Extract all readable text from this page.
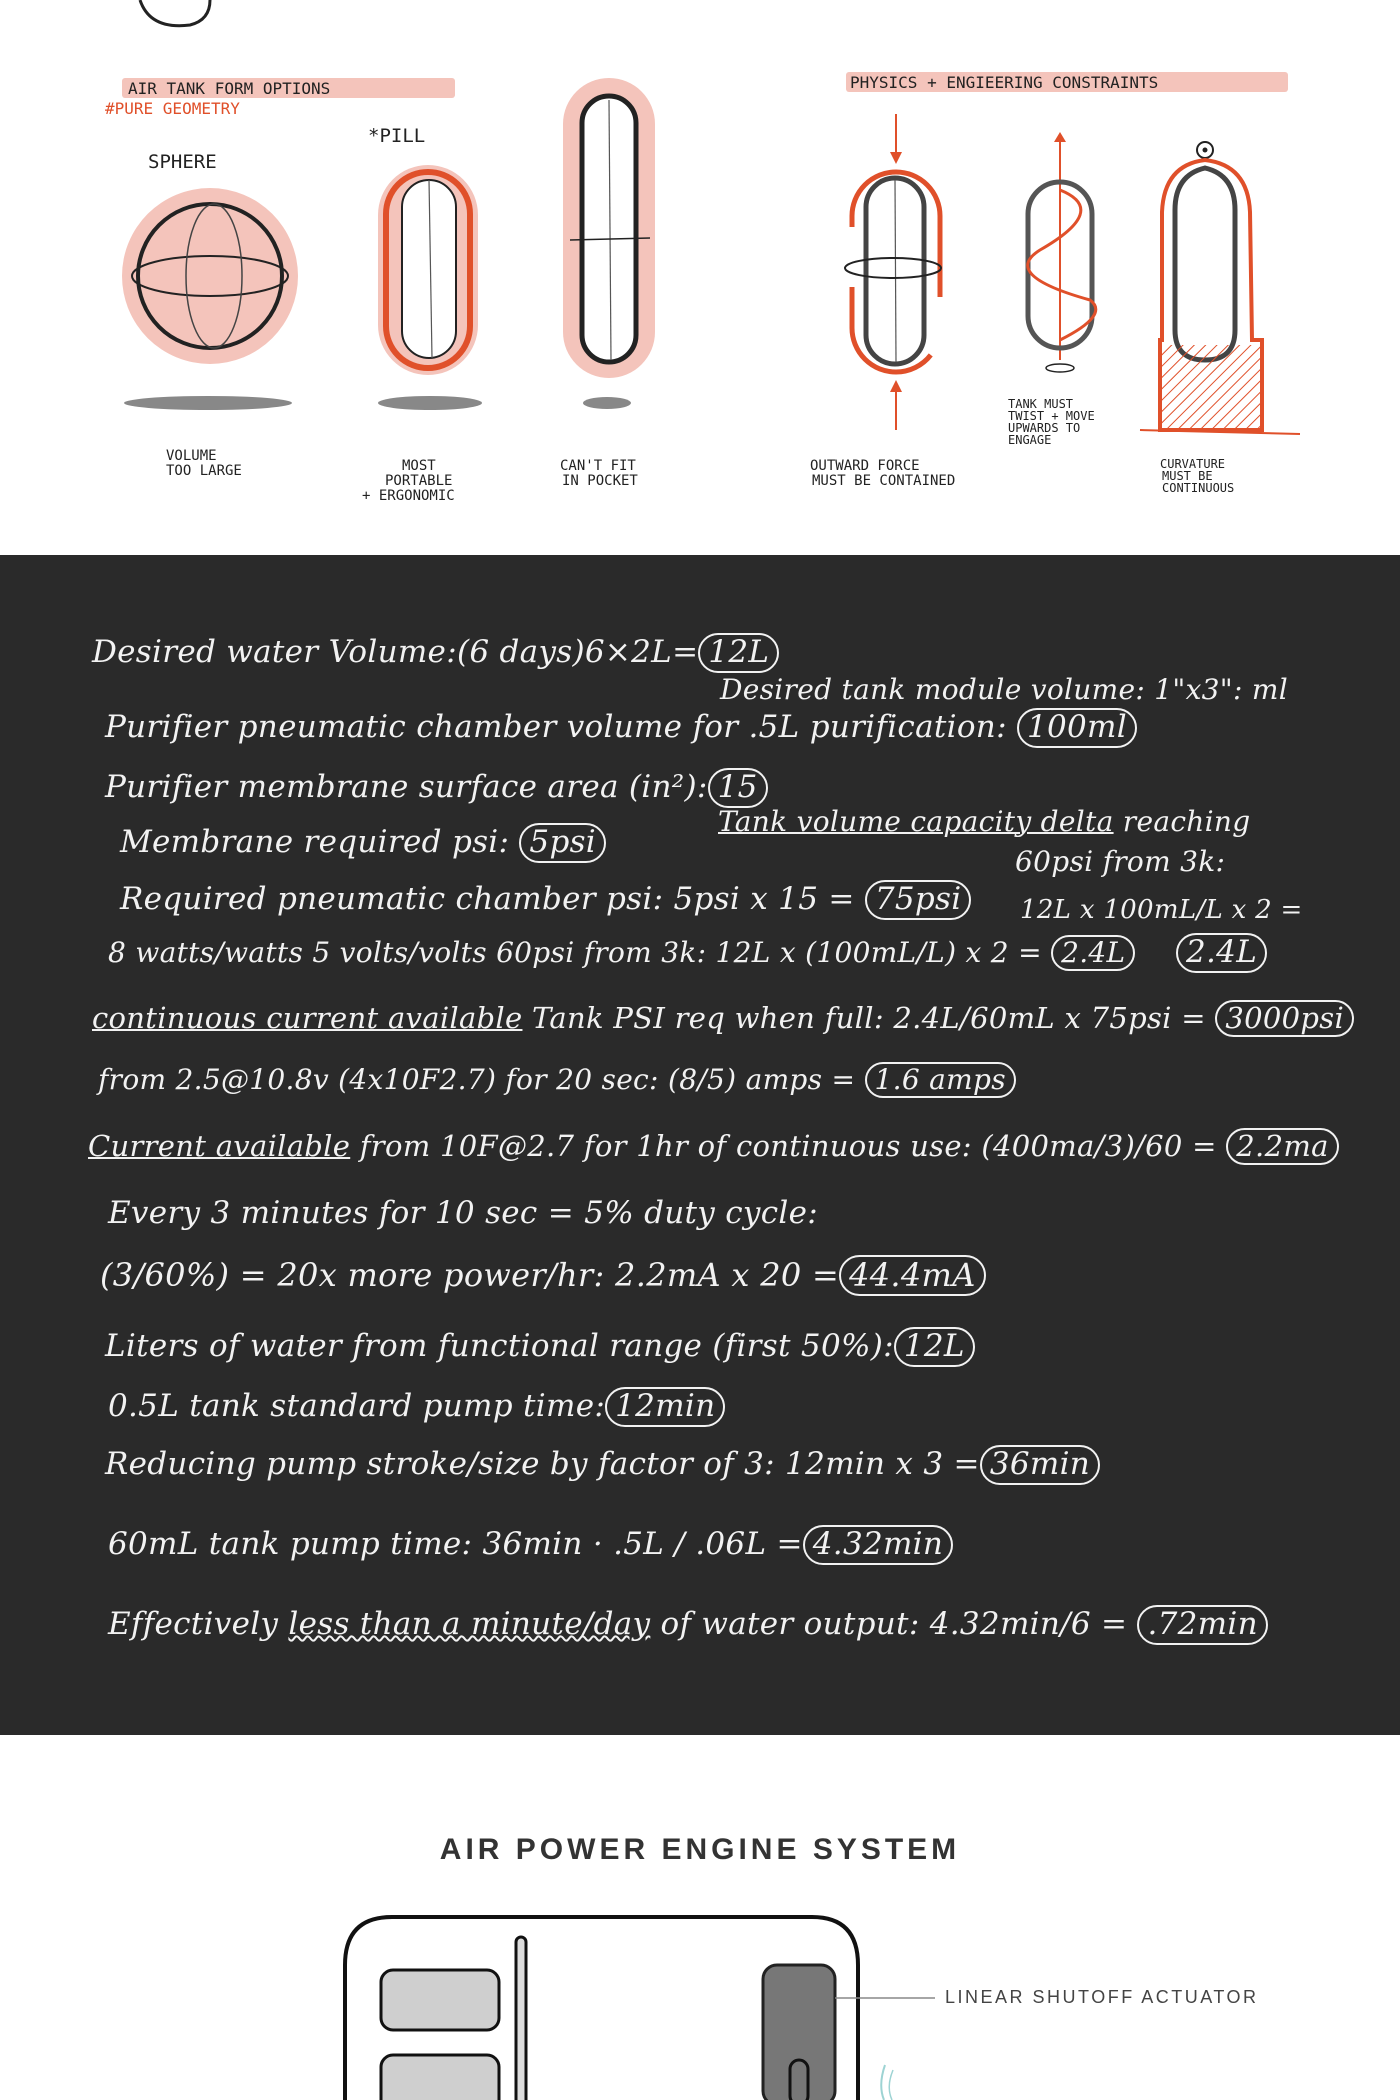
AIR TANK FORM OPTIONS
#PURE GEOMETRY
SPHERE
*PILL
VOLUME TOO LARGE	MOST PORTABLE + ERGONOMIC
CAN'T FIT IN POCKET
PHYSICS + ENGIEERING CONSTRAINTS
TANK MUST TWIST + MOVE UPWARDS TO ENGAGE
OUTWARD FORCE MUST BE CONTAINED
CURVATURE MUST BE CONTINUOUS
Desired water Volume:(6 days)6×2L= 12L
Desired tank module volume: 1"x3": ml
Purifier pneumatic chamber volume for .5L purification: 100ml
Purifier membrane surface area (in²): 15
Tank volume capacity delta reaching
Membrane required psi: 5psi
60psi from 3k:
Required pneumatic chamber psi: 5psi x 15 = 75psi	12L x 100mL/L x 2 =
8 watts/watts 5 volts/volts 60psi from 3k: 12L x (100mL/L) x 2 = 2.4L	2.4L
continuous current available Tank PSI req when full: 2.4L/60mL x 75psi = 3000psi
from 2.5@10.8v (4x10F2.7) for 20 sec: (8/5) amps = 1.6 amps
Current available from 10F@2.7 for 1hr of continuous use: (400ma/3)/60 = 2.2ma
Every 3 minutes for 10 sec = 5% duty cycle:
(3/60%) = 20x more power/hr: 2.2mA x 20 = 44.4mA
Liters of water from functional range (first 50%): 12L
0.5L tank standard pump time: 12min
Reducing pump stroke/size by factor of 3: 12min x 3 = 36min
60mL tank pump time: 36min · .5L / .06L = 4.32min
Effectively less than a minute/day of water output: 4.32min/6 = .72min
AIR POWER ENGINE SYSTEM
LINEAR SHUTOFF ACTUATOR
